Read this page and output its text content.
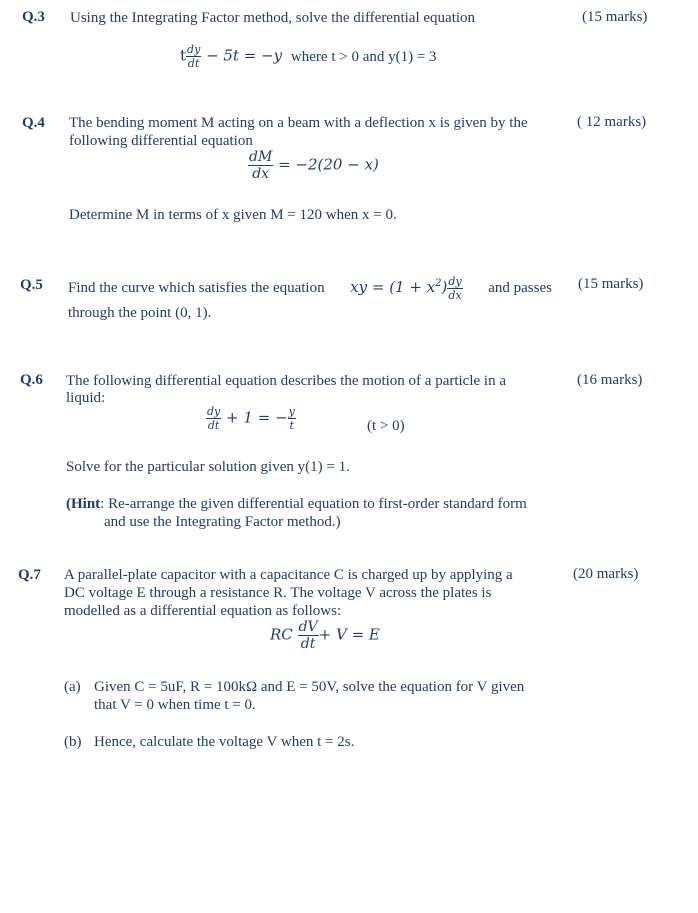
Q.3 Using the Integrating Factor method, solve the differential equation	(15 marks)
t $\frac{dy}{dt} - 5t = -y$ where t > 0 and y(1) = 3
Q.4 The bending moment M acting on a beam with a deflection x is given by the
following differential equation
( 12 marks)
$\frac{dM}{dx} = -2(20 - x)$
Determine M in terms of x given M = 120 when x = 0.
Q.5 Find the curve which satisfies the equation xy = $(1 + x^2) \frac{dy}{dx}$ and passes
through the point (0, 1).
(15 marks)
Q.6 The following differential equation describes the motion of a particle in a
liquid:
(16 marks)
$\frac{dy}{dt} + 1$ = − $\frac{y}{t}$	(t > 0)
Solve for the particular solution given y(1) = 1.
(Hint: Re-arrange the given differential equation to first-order standard form
and use the Integrating Factor method.)
Q.7 A parallel-plate capacitor with a capacitance C is charged up by applying a
DC voltage E through a resistance R. The voltage V across the plates is
modelled as a differential equation as follows:
(20 marks)
RC $\frac{dV}{dt} + V = E$
(a) Given C = 5uF, R = 100kΩ and E = 50V, solve the equation for V given
that V = 0 when time t = 0.
(b) Hence, calculate the voltage V when t = 2s.
